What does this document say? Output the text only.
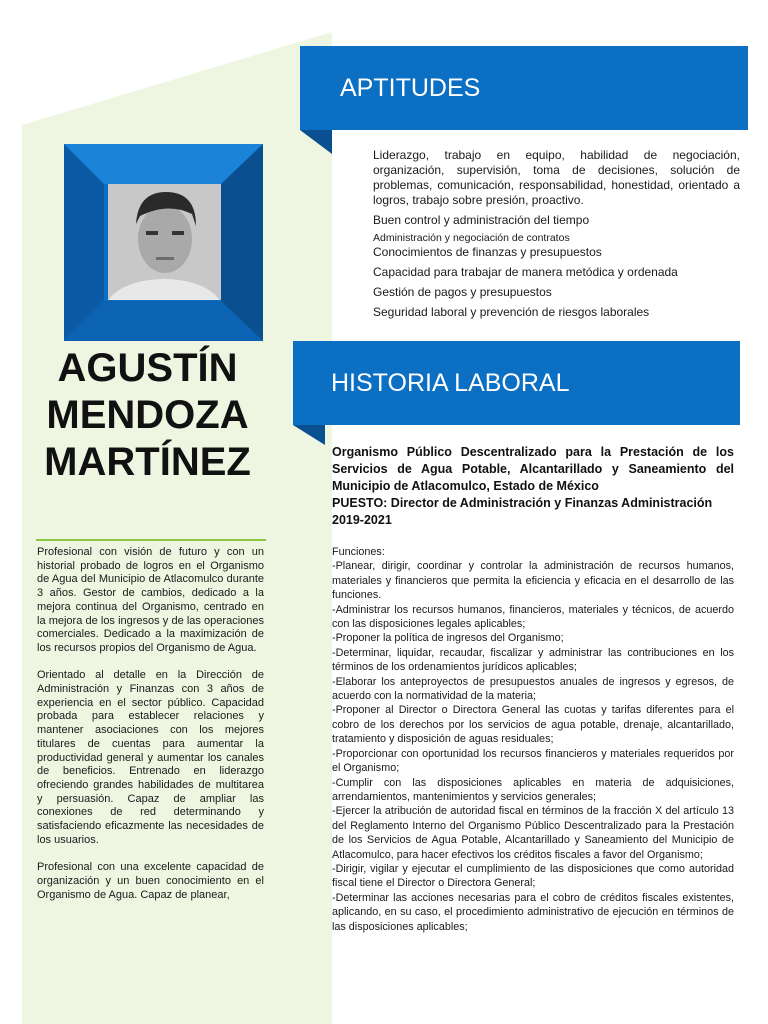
AGUSTÍN
MENDOZA
MARTÍNEZ

Profesional con visión de futuro y con un historial probado de logros en el Organismo de Agua del Municipio de Atlacomulco durante 3 años. Gestor de cambios, dedicado a la mejora continua del Organismo, centrado en la mejora de los ingresos y de las operaciones comerciales. Dedicado a la maximización de los recursos propios del Organismo de Agua.

Orientado al detalle en la Dirección de Administración y Finanzas con 3 años de experiencia en el sector público. Capacidad probada para establecer relaciones y mantener asociaciones con los mejores titulares de cuentas para aumentar la productividad general y aumentar los canales de beneficios. Entrenado en liderazgo ofreciendo grandes habilidades de multitarea y persuasión. Capaz de ampliar las conexiones de red determinando y satisfaciendo eficazmente las necesidades de los usuarios.

Profesional con una excelente capacidad de organización y un buen conocimiento en el Organismo de Agua. Capaz de planear,

APTITUDES
Liderazgo, trabajo en equipo, habilidad de negociación, organización, supervisión, toma de decisiones, solución de problemas, comunicación, responsabilidad, honestidad, orientado a logros, trabajo sobre presión, proactivo.
Buen control y administración del tiempo
Administración y negociación de contratos
Conocimientos de finanzas y presupuestos
Capacidad para trabajar de manera metódica y ordenada
Gestión de pagos y presupuestos
Seguridad laboral y prevención de riesgos laborales
HISTORIA LABORAL
Organismo Público Descentralizado para la Prestación de los Servicios de Agua Potable, Alcantarillado y Saneamiento del Municipio de Atlacomulco, Estado de México
PUESTO: Director de Administración y Finanzas Administración
2019-2021
Funciones:
-Planear, dirigir, coordinar y controlar la administración de recursos humanos, materiales y financieros que permita la eficiencia y eficacia en el desarrollo de las funciones.
-Administrar los recursos humanos, financieros, materiales y técnicos, de acuerdo con las disposiciones legales aplicables;
-Proponer la política de ingresos del Organismo;
-Determinar, liquidar, recaudar, fiscalizar y administrar las contribuciones en los términos de los ordenamientos jurídicos aplicables;
-Elaborar los anteproyectos de presupuestos anuales de ingresos y egresos, de acuerdo con la normatividad de la materia;
-Proponer al Director o Directora General las cuotas y tarifas diferentes para el cobro de los derechos por los servicios de agua potable, drenaje, alcantarillado, tratamiento y disposición de aguas residuales;
-Proporcionar con oportunidad los recursos financieros y materiales requeridos por el Organismo;
-Cumplir con las disposiciones aplicables en materia de adquisiciones, arrendamientos, mantenimientos y servicios generales;
-Ejercer la atribución de autoridad fiscal en términos de la fracción X del artículo 13 del Reglamento Interno del Organismo Público Descentralizado para la Prestación de los Servicios de Agua Potable, Alcantarillado y Saneamiento del Municipio de Atlacomulco, para hacer efectivos los créditos fiscales a favor del Organismo;
-Dirigir, vigilar y ejecutar el cumplimiento de las disposiciones que como autoridad fiscal tiene el Director o Directora General;
-Determinar las acciones necesarias para el cobro de créditos fiscales existentes, aplicando, en su caso, el procedimiento administrativo de ejecución en términos de las disposiciones aplicables;
